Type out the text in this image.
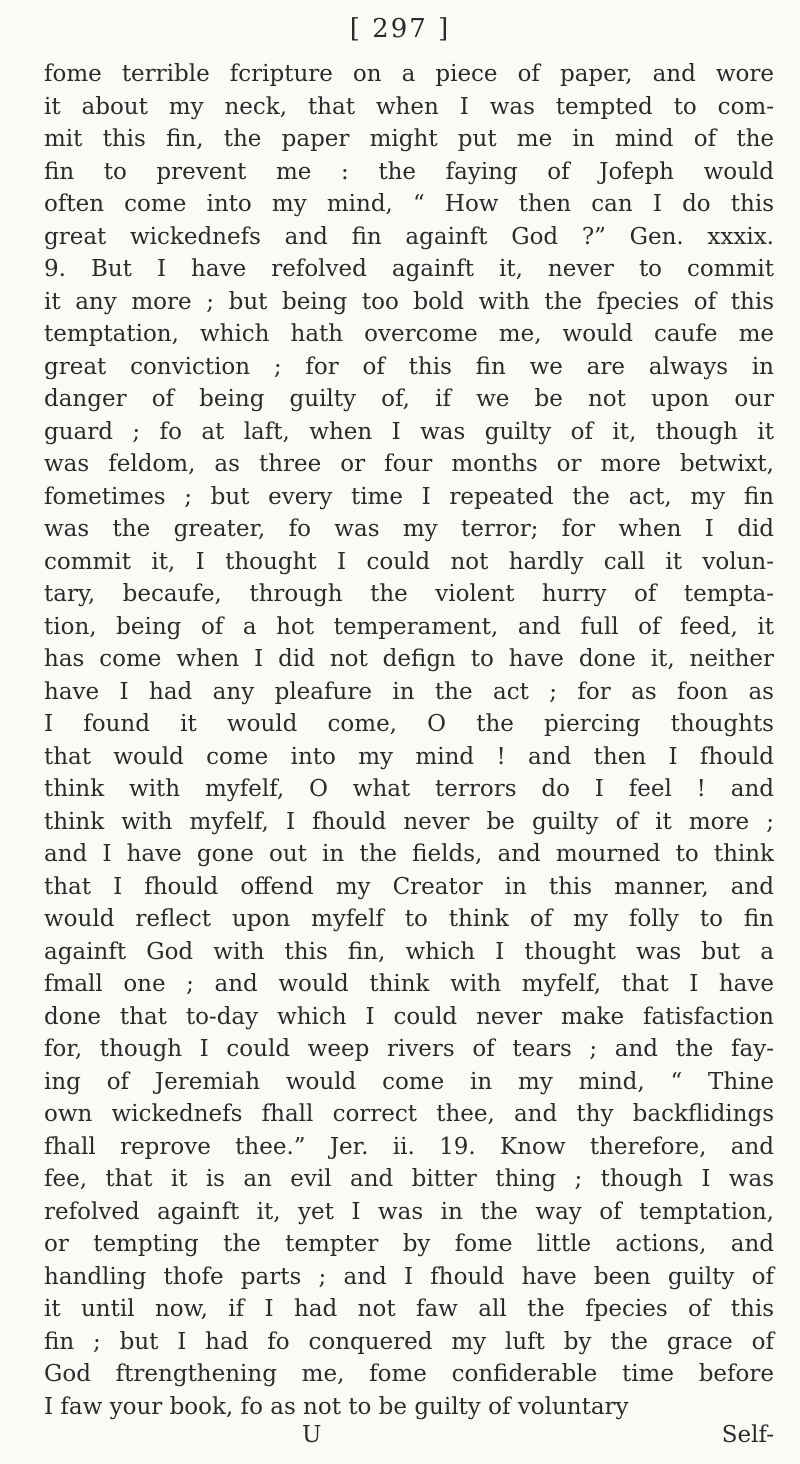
[ 297 ]
fome terrible fcripture on a piece of paper, and wore
it about my neck, that when I was tempted to com-
mit this fin, the paper might put me in mind of the
fin to prevent me : the faying of Jofeph would
often come into my mind, “ How then can I do this
great wickednefs and fin againft God ?” Gen. xxxix.
9. But I have refolved againft it, never to commit
it any more ; but being too bold with the fpecies of this
temptation, which hath overcome me, would caufe me
great conviction ; for of this fin we are always in
danger of being guilty of, if we be not upon our
guard ; fo at laft, when I was guilty of it, though it
was feldom, as three or four months or more betwixt,
fometimes ; but every time I repeated the act, my fin
was the greater, fo was my terror; for when I did
commit it, I thought I could not hardly call it volun-
tary, becaufe, through the violent hurry of tempta-
tion, being of a hot temperament, and full of feed, it
has come when I did not defign to have done it, neither
have I had any pleafure in the act ; for as foon as
I found it would come, O the piercing thoughts
that would come into my mind ! and then I fhould
think with myfelf, O what terrors do I feel ! and
think with myfelf, I fhould never be guilty of it more ;
and I have gone out in the fields, and mourned to think
that I fhould offend my Creator in this manner, and
would reflect upon myfelf to think of my folly to fin
againft God with this fin, which I thought was but a
fmall one ; and would think with myfelf, that I have
done that to-day which I could never make fatisfaction
for, though I could weep rivers of tears ; and the fay-
ing of Jeremiah would come in my mind, “ Thine
own wickednefs fhall correct thee, and thy backflidings
fhall reprove thee.” Jer. ii. 19. Know therefore, and
fee, that it is an evil and bitter thing ; though I was
refolved againft it, yet I was in the way of temptation,
or tempting the tempter by fome little actions, and
handling thofe parts ; and I fhould have been guilty of
it until now, if I had not faw all the fpecies of this
fin ; but I had fo conquered my luft by the grace of
God ftrengthening me, fome confiderable time before
I faw your book, fo as not to be guilty of voluntary
U	Self-
